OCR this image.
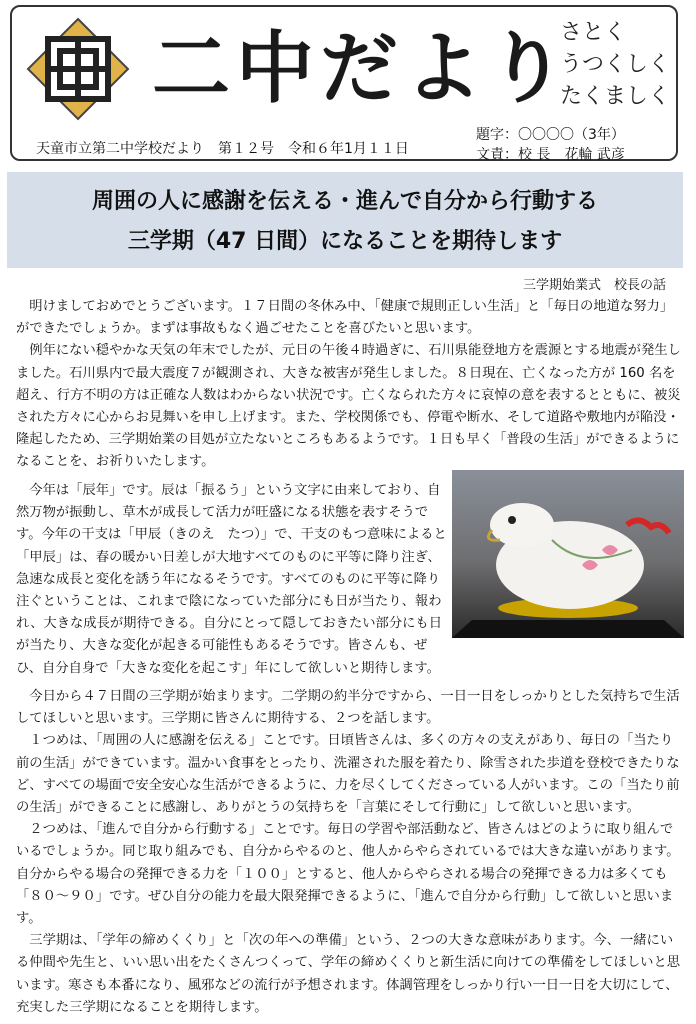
二中だより
さとく
うつくしく
たくましく
題字：〇〇〇〇（3年）
文責：校 長　花輪 武彦
天童市立第二中学校だより　第１２号　令和６年1月１１日
周囲の人に感謝を伝える・進んで自分から行動する
三学期（47 日間）になることを期待します
三学期始業式　校長の話

明けましておめでとうございます。１７日間の冬休み中、「健康で規則正しい生活」と「毎日の地道な努力」ができたでしょうか。まずは事故もなく過ごせたことを喜びたいと思います。

例年にない穏やかな天気の年末でしたが、元日の午後４時過ぎに、石川県能登地方を震源とする地震が発生しました。石川県内で最大震度７が観測され、大きな被害が発生しました。８日現在、亡くなった方が 160 名を超え、行方不明の方は正確な人数はわからない状況です。亡くなられた方々に哀悼の意を表するとともに、被災された方々に心からお見舞いを申し上げます。また、学校関係でも、停電や断水、そして道路や敷地内が陥没・隆起したため、三学期始業の目処が立たないところもあるようです。１日も早く「普段の生活」ができるようになることを、お祈りいたします。

今年は「辰年」です。辰は「振るう」という文字に由来しており、自然万物が振動し、草木が成長して活力が旺盛になる状態を表すそうです。今年の干支は「甲辰（きのえ　たつ）」で、干支のもつ意味によると「甲辰」は、春の暖かい日差しが大地すべてのものに平等に降り注ぎ、急速な成長と変化を誘う年になるそうです。すべてのものに平等に降り注ぐということは、これまで陰になっていた部分にも日が当たり、報われ、大きな成長が期待できる。自分にとって隠しておきたい部分にも日が当たり、大きな変化が起きる可能性もあるそうです。皆さんも、ぜひ、自分自身で「大きな変化を起こす」年にして欲しいと期待します。

今日から４７日間の三学期が始まります。二学期の約半分ですから、一日一日をしっかりとした気持ちで生活してほしいと思います。三学期に皆さんに期待する、２つを話します。

１つめは、「周囲の人に感謝を伝える」ことです。日頃皆さんは、多くの方々の支えがあり、毎日の「当たり前の生活」ができています。温かい食事をとったり、洗濯された服を着たり、除雪された歩道を登校できたりなど、すべての場面で安全安心な生活ができるように、力を尽くしてくださっている人がいます。この「当たり前の生活」ができることに感謝し、ありがとうの気持ちを「言葉にそして行動に」して欲しいと思います。

２つめは、「進んで自分から行動する」ことです。毎日の学習や部活動など、皆さんはどのように取り組んでいるでしょうか。同じ取り組みでも、自分からやるのと、他人からやらされているでは大きな違いがあります。自分からやる場合の発揮できる力を「１００」とすると、他人からやらされる場合の発揮できる力は多くても「８０～９０」です。ぜひ自分の能力を最大限発揮できるように、「進んで自分から行動」して欲しいと思います。

三学期は、「学年の締めくくり」と「次の年への準備」という、２つの大きな意味があります。今、一緒にいる仲間や先生と、いい思い出をたくさんつくって、学年の締めくくりと新生活に向けての準備をしてほしいと思います。寒さも本番になり、風邪などの流行が予想されます。体調管理をしっかり行い一日一日を大切にして、充実した三学期になることを期待します。
